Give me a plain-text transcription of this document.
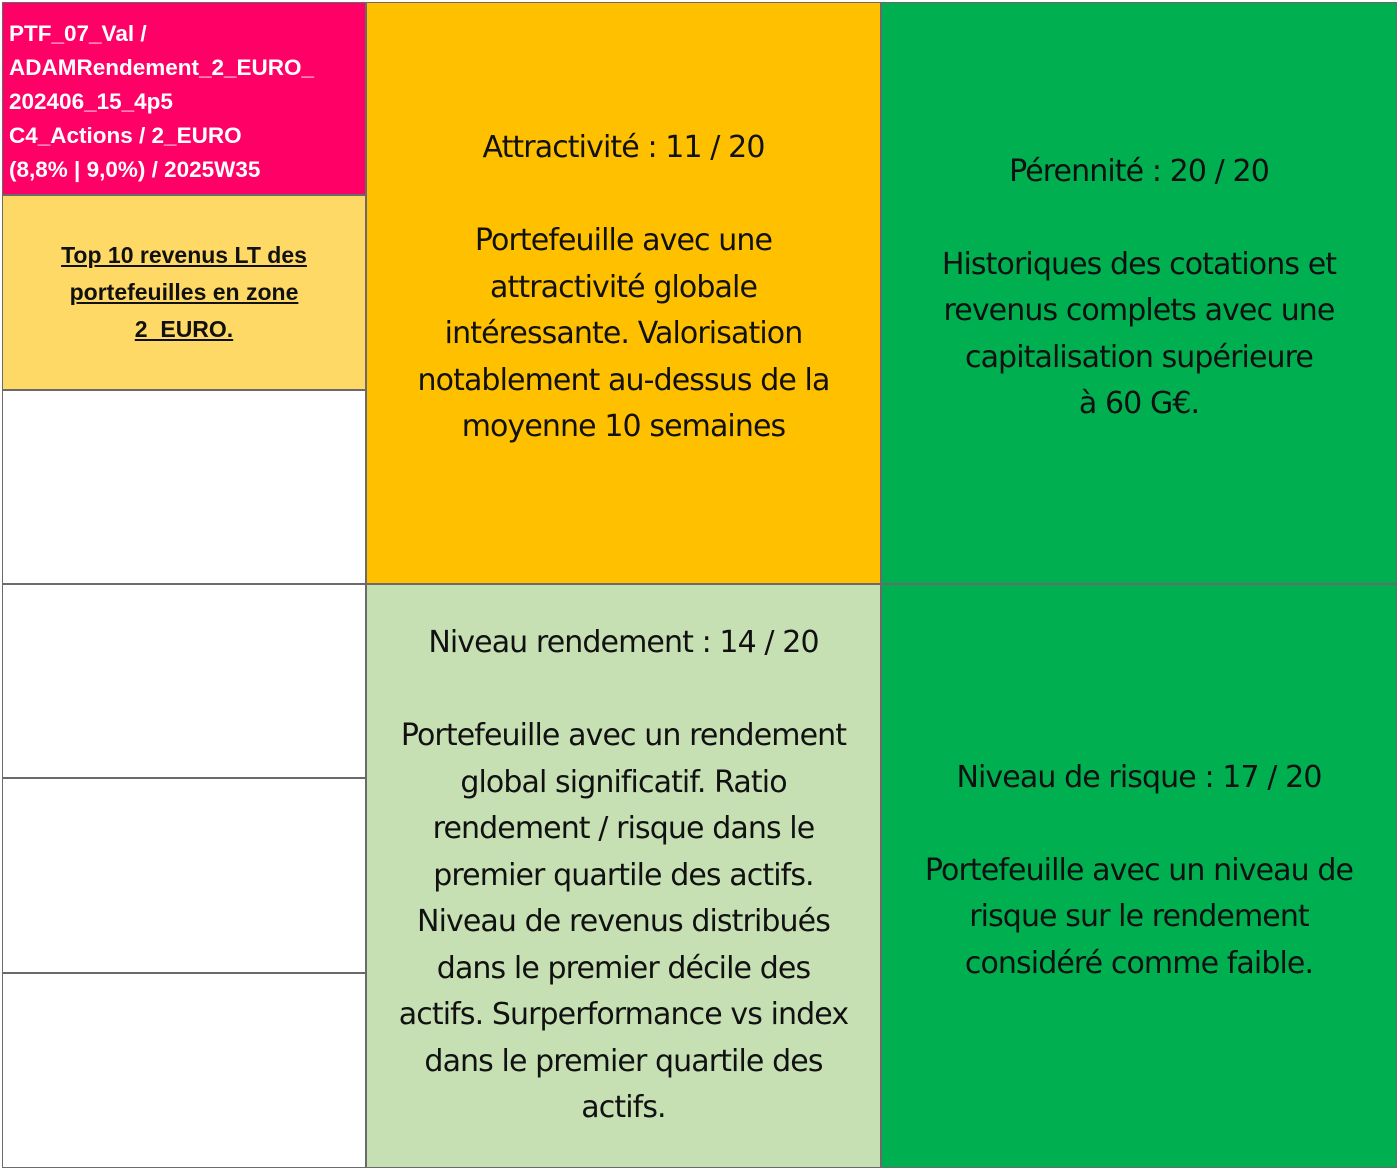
PTF_07_Val /
ADAMRendement_2_EURO_
202406_15_4p5
C4_Actions / 2_EURO
(8,8% | 9,0%) / 2025W35
Top 10 revenus LT des
portefeuilles en zone
2_EURO.
Attractivité : 11 / 20
Portefeuille avec une
attractivité globale
intéressante. Valorisation
notablement au-dessus de la
moyenne 10 semaines
Pérennité : 20 / 20
Historiques des cotations et
revenus complets avec une
capitalisation supérieure
à 60 G€.
Niveau rendement : 14 / 20
Portefeuille avec un rendement
global significatif. Ratio
rendement / risque dans le
premier quartile des actifs.
Niveau de revenus distribués
dans le premier décile des
actifs. Surperformance vs index
dans le premier quartile des
actifs.
Niveau de risque : 17 / 20
Portefeuille avec un niveau de
risque sur le rendement
considéré comme faible.
